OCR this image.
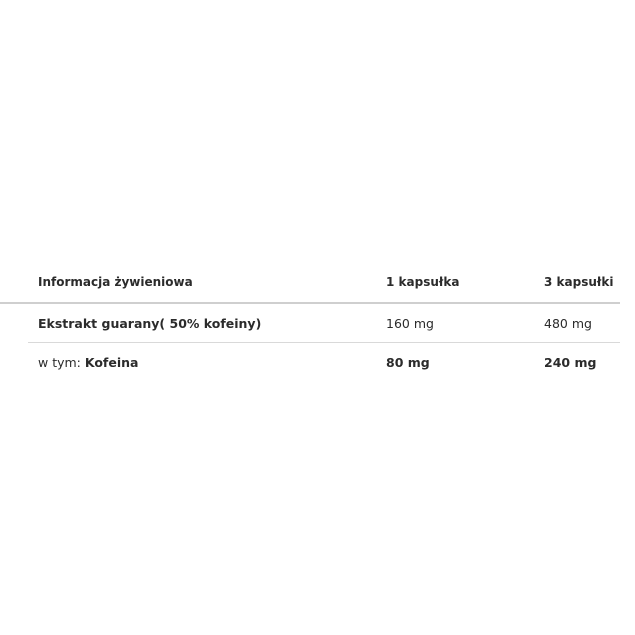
Informacja żywieniowa	1 kapsułka	3 kapsułki
Ekstrakt guarany( 50% kofeiny)	160 mg	480 mg
w tym: Kofeina	80 mg	240 mg
